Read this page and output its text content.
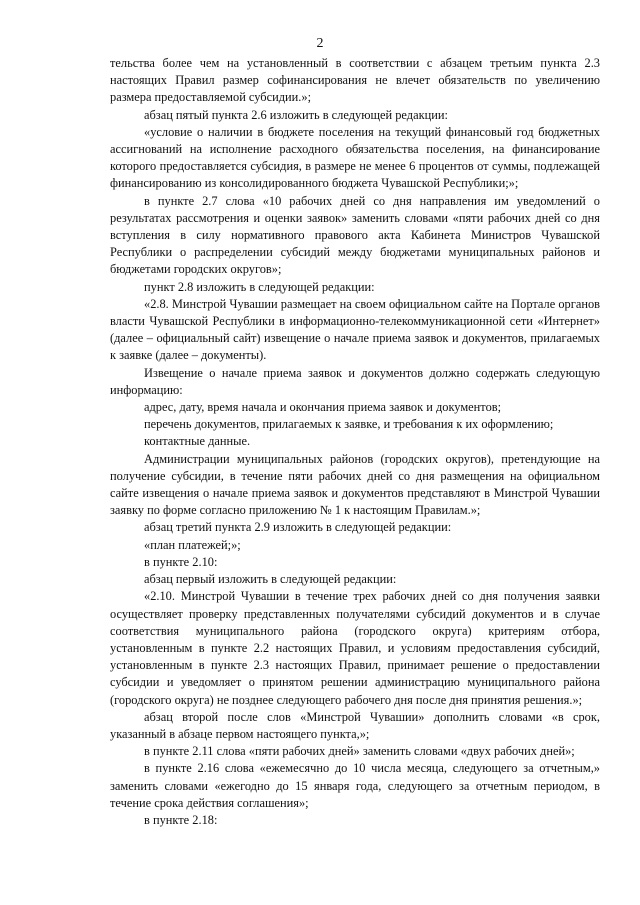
2

тельства более чем на установленный в соответствии с абзацем третьим пункта 2.3 настоящих Правил размер софинансирования не влечет обязательств по увеличению размера предоставляемой субсидии.»;

абзац пятый пункта 2.6 изложить в следующей редакции:

«условие о наличии в бюджете поселения на текущий финансовый год бюджетных ассигнований на исполнение расходного обязательства поселения, на финансирование которого предоставляется субсидия, в размере не менее 6 процентов от суммы, подлежащей финансированию из консолидированного бюджета Чувашской Республики;»;

в пункте 2.7 слова «10 рабочих дней со дня направления им уведомлений о результатах рассмотрения и оценки заявок» заменить словами «пяти рабочих дней со дня вступления в силу нормативного правового акта Кабинета Министров Чувашской Республики о распределении субсидий между бюджетами муниципальных районов и бюджетами городских округов»;

пункт 2.8 изложить в следующей редакции:

«2.8. Минстрой Чувашии размещает на своем официальном сайте на Портале органов власти Чувашской Республики в информационно-телекоммуникационной сети «Интернет» (далее – официальный сайт) извещение о начале приема заявок и документов, прилагаемых к заявке (далее – документы).

Извещение о начале приема заявок и документов должно содержать следующую информацию:

адрес, дату, время начала и окончания приема заявок и документов;

перечень документов, прилагаемых к заявке, и требования к их оформлению;

контактные данные.

Администрации муниципальных районов (городских округов), претендующие на получение субсидии, в течение пяти рабочих дней со дня размещения на официальном сайте извещения о начале приема заявок и документов представляют в Минстрой Чувашии заявку по форме согласно приложению № 1 к настоящим Правилам.»;

абзац третий пункта 2.9 изложить в следующей редакции:

«план платежей;»;

в пункте 2.10:

абзац первый изложить в следующей редакции:

«2.10. Минстрой Чувашии в течение трех рабочих дней со дня получения заявки осуществляет проверку представленных получателями субсидий документов и в случае соответствия муниципального района (городского округа) критериям отбора, установленным в пункте 2.2 настоящих Правил, и условиям предоставления субсидий, установленным в пункте 2.3 настоящих Правил, принимает решение о предоставлении субсидии и уведомляет о принятом решении администрацию муниципального района (городского округа) не позднее следующего рабочего дня после дня принятия решения.»;

абзац второй после слов «Минстрой Чувашии» дополнить словами «в срок, указанный в абзаце первом настоящего пункта,»;

в пункте 2.11 слова «пяти рабочих дней» заменить словами «двух рабочих дней»;

в пункте 2.16 слова «ежемесячно до 10 числа месяца, следующего за отчетным,» заменить словами «ежегодно до 15 января года, следующего за отчетным периодом, в течение срока действия соглашения»;

в пункте 2.18:
